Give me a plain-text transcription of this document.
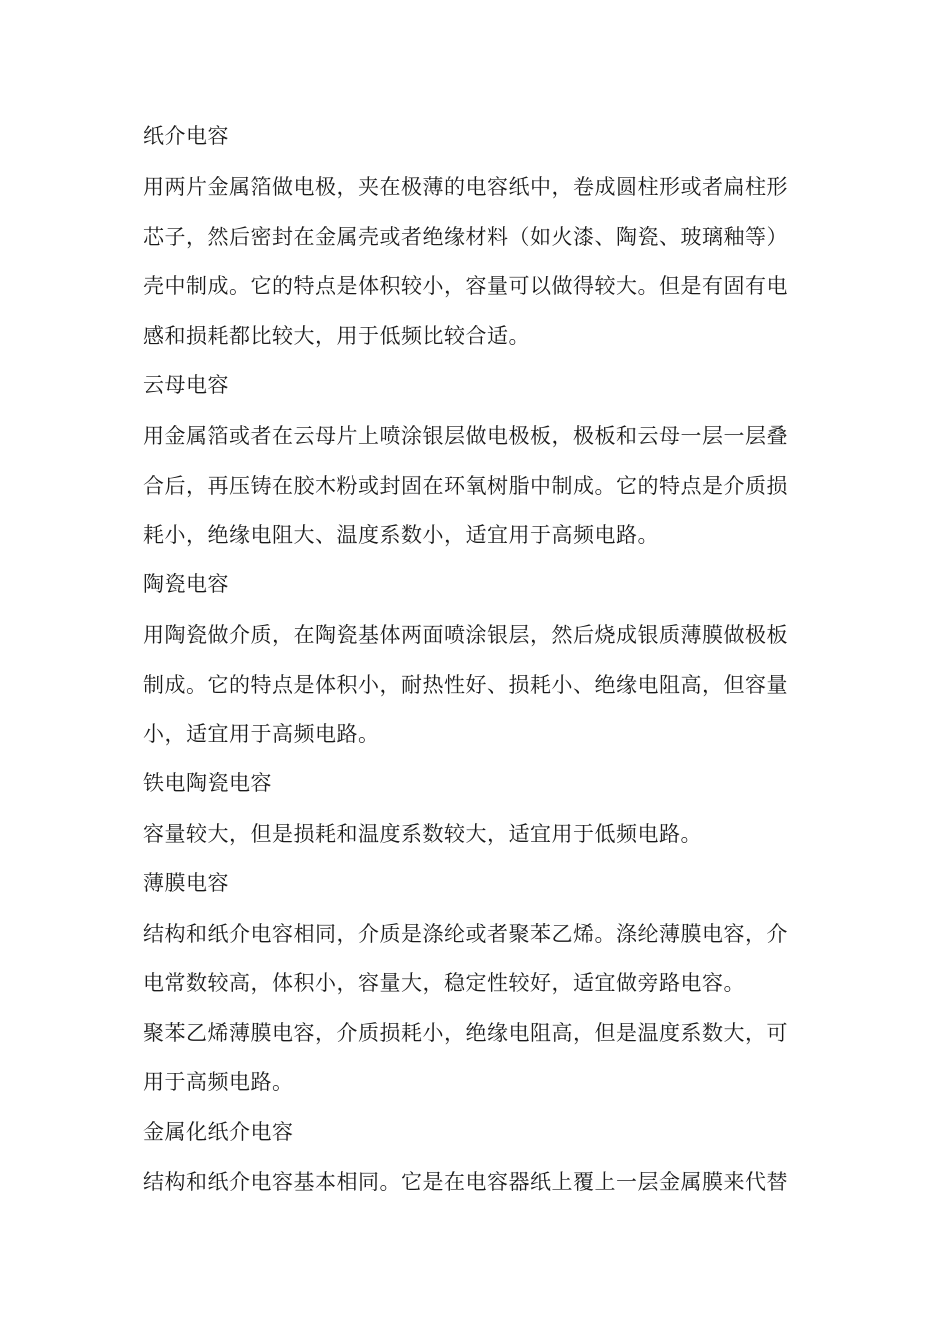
纸介电容
用两片金属箔做电极，夹在极薄的电容纸中，卷成圆柱形或者扁柱形
芯子，然后密封在金属壳或者绝缘材料（如火漆、陶瓷、玻璃釉等）
壳中制成。它的特点是体积较小，容量可以做得较大。但是有固有电
感和损耗都比较大，用于低频比较合适。
云母电容
用金属箔或者在云母片上喷涂银层做电极板，极板和云母一层一层叠
合后，再压铸在胶木粉或封固在环氧树脂中制成。它的特点是介质损
耗小，绝缘电阻大、温度系数小，适宜用于高频电路。
陶瓷电容
用陶瓷做介质，在陶瓷基体两面喷涂银层，然后烧成银质薄膜做极板
制成。它的特点是体积小，耐热性好、损耗小、绝缘电阻高，但容量
小，适宜用于高频电路。
铁电陶瓷电容
容量较大，但是损耗和温度系数较大，适宜用于低频电路。
薄膜电容
结构和纸介电容相同，介质是涤纶或者聚苯乙烯。涤纶薄膜电容，介
电常数较高，体积小，容量大，稳定性较好，适宜做旁路电容。
聚苯乙烯薄膜电容，介质损耗小，绝缘电阻高，但是温度系数大，可
用于高频电路。
金属化纸介电容
结构和纸介电容基本相同。它是在电容器纸上覆上一层金属膜来代替
